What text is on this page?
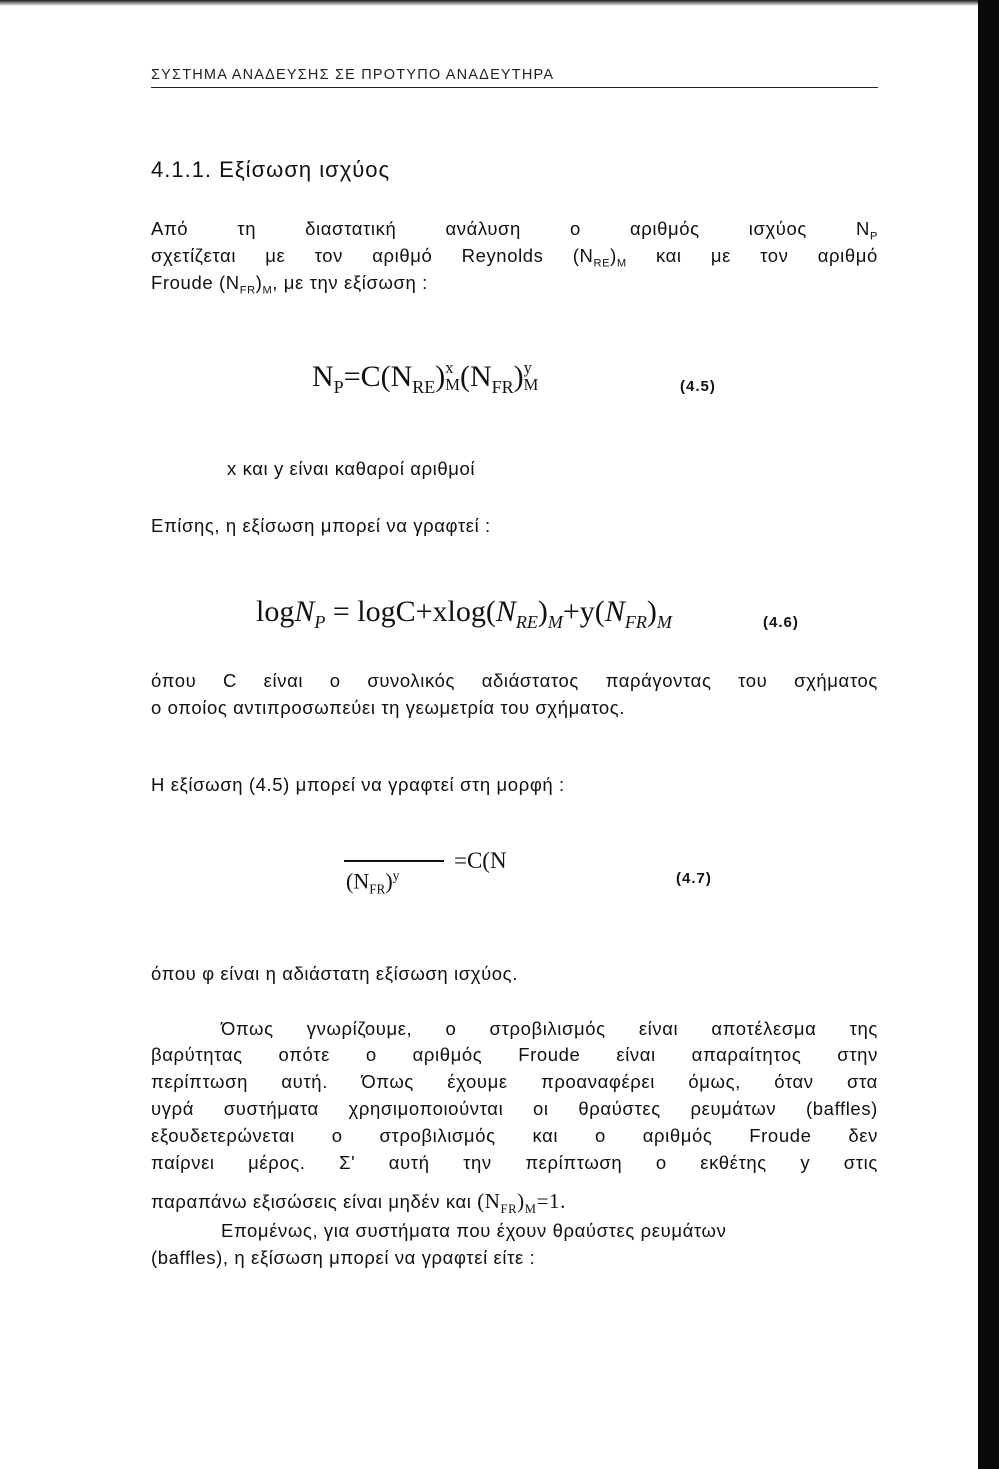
ΣΥΣΤΗΜΑ ΑΝΑΔΕΥΣΗΣ ΣΕ ΠΡΟΤΥΠΟ ΑΝΑΔΕΥΤΗΡΑ
4.1.1. Εξίσωση ισχύος
Από	τη	διαστατική	ανάλυση	ο	αριθμός	ισχύος	$N_P$
σχετίζεται με τον αριθμό Reynolds $(N_{RE})_M$ και με τον αριθμό
Froude $(N_{FR})_M$, με την εξίσωση :
$N_P=C(N_{RE})$ x
M $(N_{FR})$ y
M	(4.5)
x και y είναι καθαροί αριθμοί
Επίσης, η εξίσωση μπορεί να γραφτεί :
$\log N_P = \log C+xlog(N_{RE})_M+y(N_{FR})_M$	(4.6)
όπου C είναι ο συνολικός αδιάστατος παράγοντας του σχήματος
ο οποίος αντιπροσωπεύει τη γεωμετρία του σχήματος.
Η εξίσωση (4.5) μπορεί να γραφτεί στη μορφή :
$(N_{FR})^y$
=C(N
(4.7)
όπου φ είναι η αδιάστατη εξίσωση ισχύος.
Όπως γνωρίζουμε, ο στροβιλισμός είναι αποτέλεσμα της
βαρύτητας οπότε ο αριθμός Froude είναι απαραίτητος στην
περίπτωση αυτή. Όπως έχουμε προαναφέρει όμως, όταν στα
υγρά συστήματα χρησιμοποιούνται οι θραύστες ρευμάτων (baffles)
εξουδετερώνεται ο στροβιλισμός και ο αριθμός Froude δεν
παίρνει μέρος. Σ' αυτή την περίπτωση ο εκθέτης y στις
παραπάνω εξισώσεις είναι μηδέν και $(N_{FR})_M=1$.
Επομένως, για συστήματα που έχουν θραύστες ρευμάτων
(baffles), η εξίσωση μπορεί να γραφτεί είτε :
